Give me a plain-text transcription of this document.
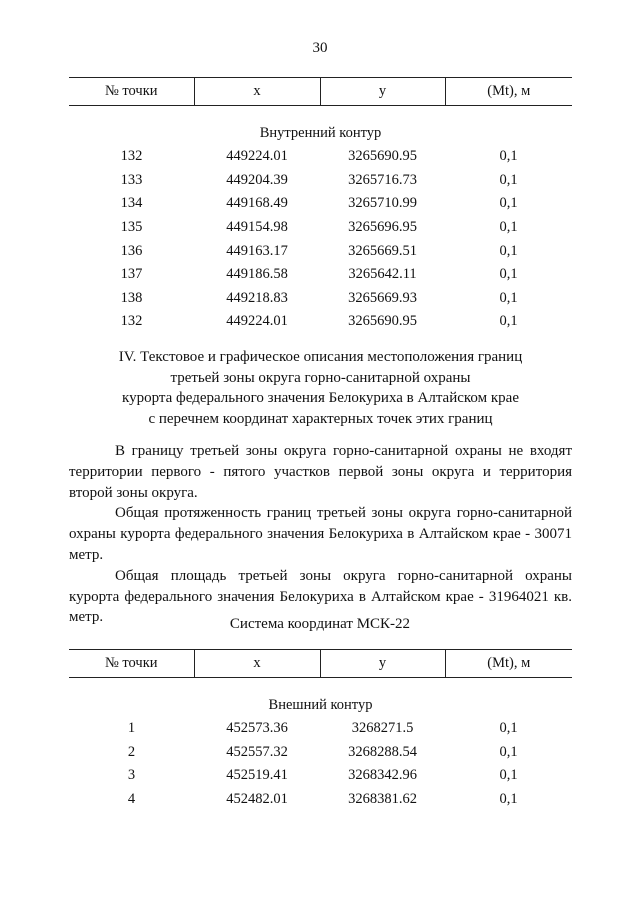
30
№ точки	x	y	(Mt), м

Внутренний контур			
132	449224.01	3265690.95	0,1
133	449204.39	3265716.73	0,1
134	449168.49	3265710.99	0,1
135	449154.98	3265696.95	0,1
136	449163.17	3265669.51	0,1
137	449186.58	3265642.11	0,1
138	449218.83	3265669.93	0,1
132	449224.01	3265690.95	0,1
IV. Текстовое и графическое описания местоположения границ
третьей зоны округа горно-санитарной охраны
курорта федерального значения Белокуриха в Алтайском крае
с перечнем координат характерных точек этих границ

В границу третьей зоны округа горно-санитарной охраны не входят территории первого - пятого участков первой зоны округа и территория второй зоны округа.

Общая протяженность границ третьей зоны округа горно-санитарной охраны курорта федерального значения Белокуриха в Алтайском крае - 30071 метр.

Общая площадь третьей зоны округа горно-санитарной охраны курорта федерального значения Белокуриха в Алтайском крае - 31964021 кв. метр.	Система координат МСК-22
№ точки	x	y	(Mt), м

Внешний контур			
1	452573.36	3268271.5	0,1
2	452557.32	3268288.54	0,1
3	452519.41	3268342.96	0,1
4	452482.01	3268381.62	0,1
